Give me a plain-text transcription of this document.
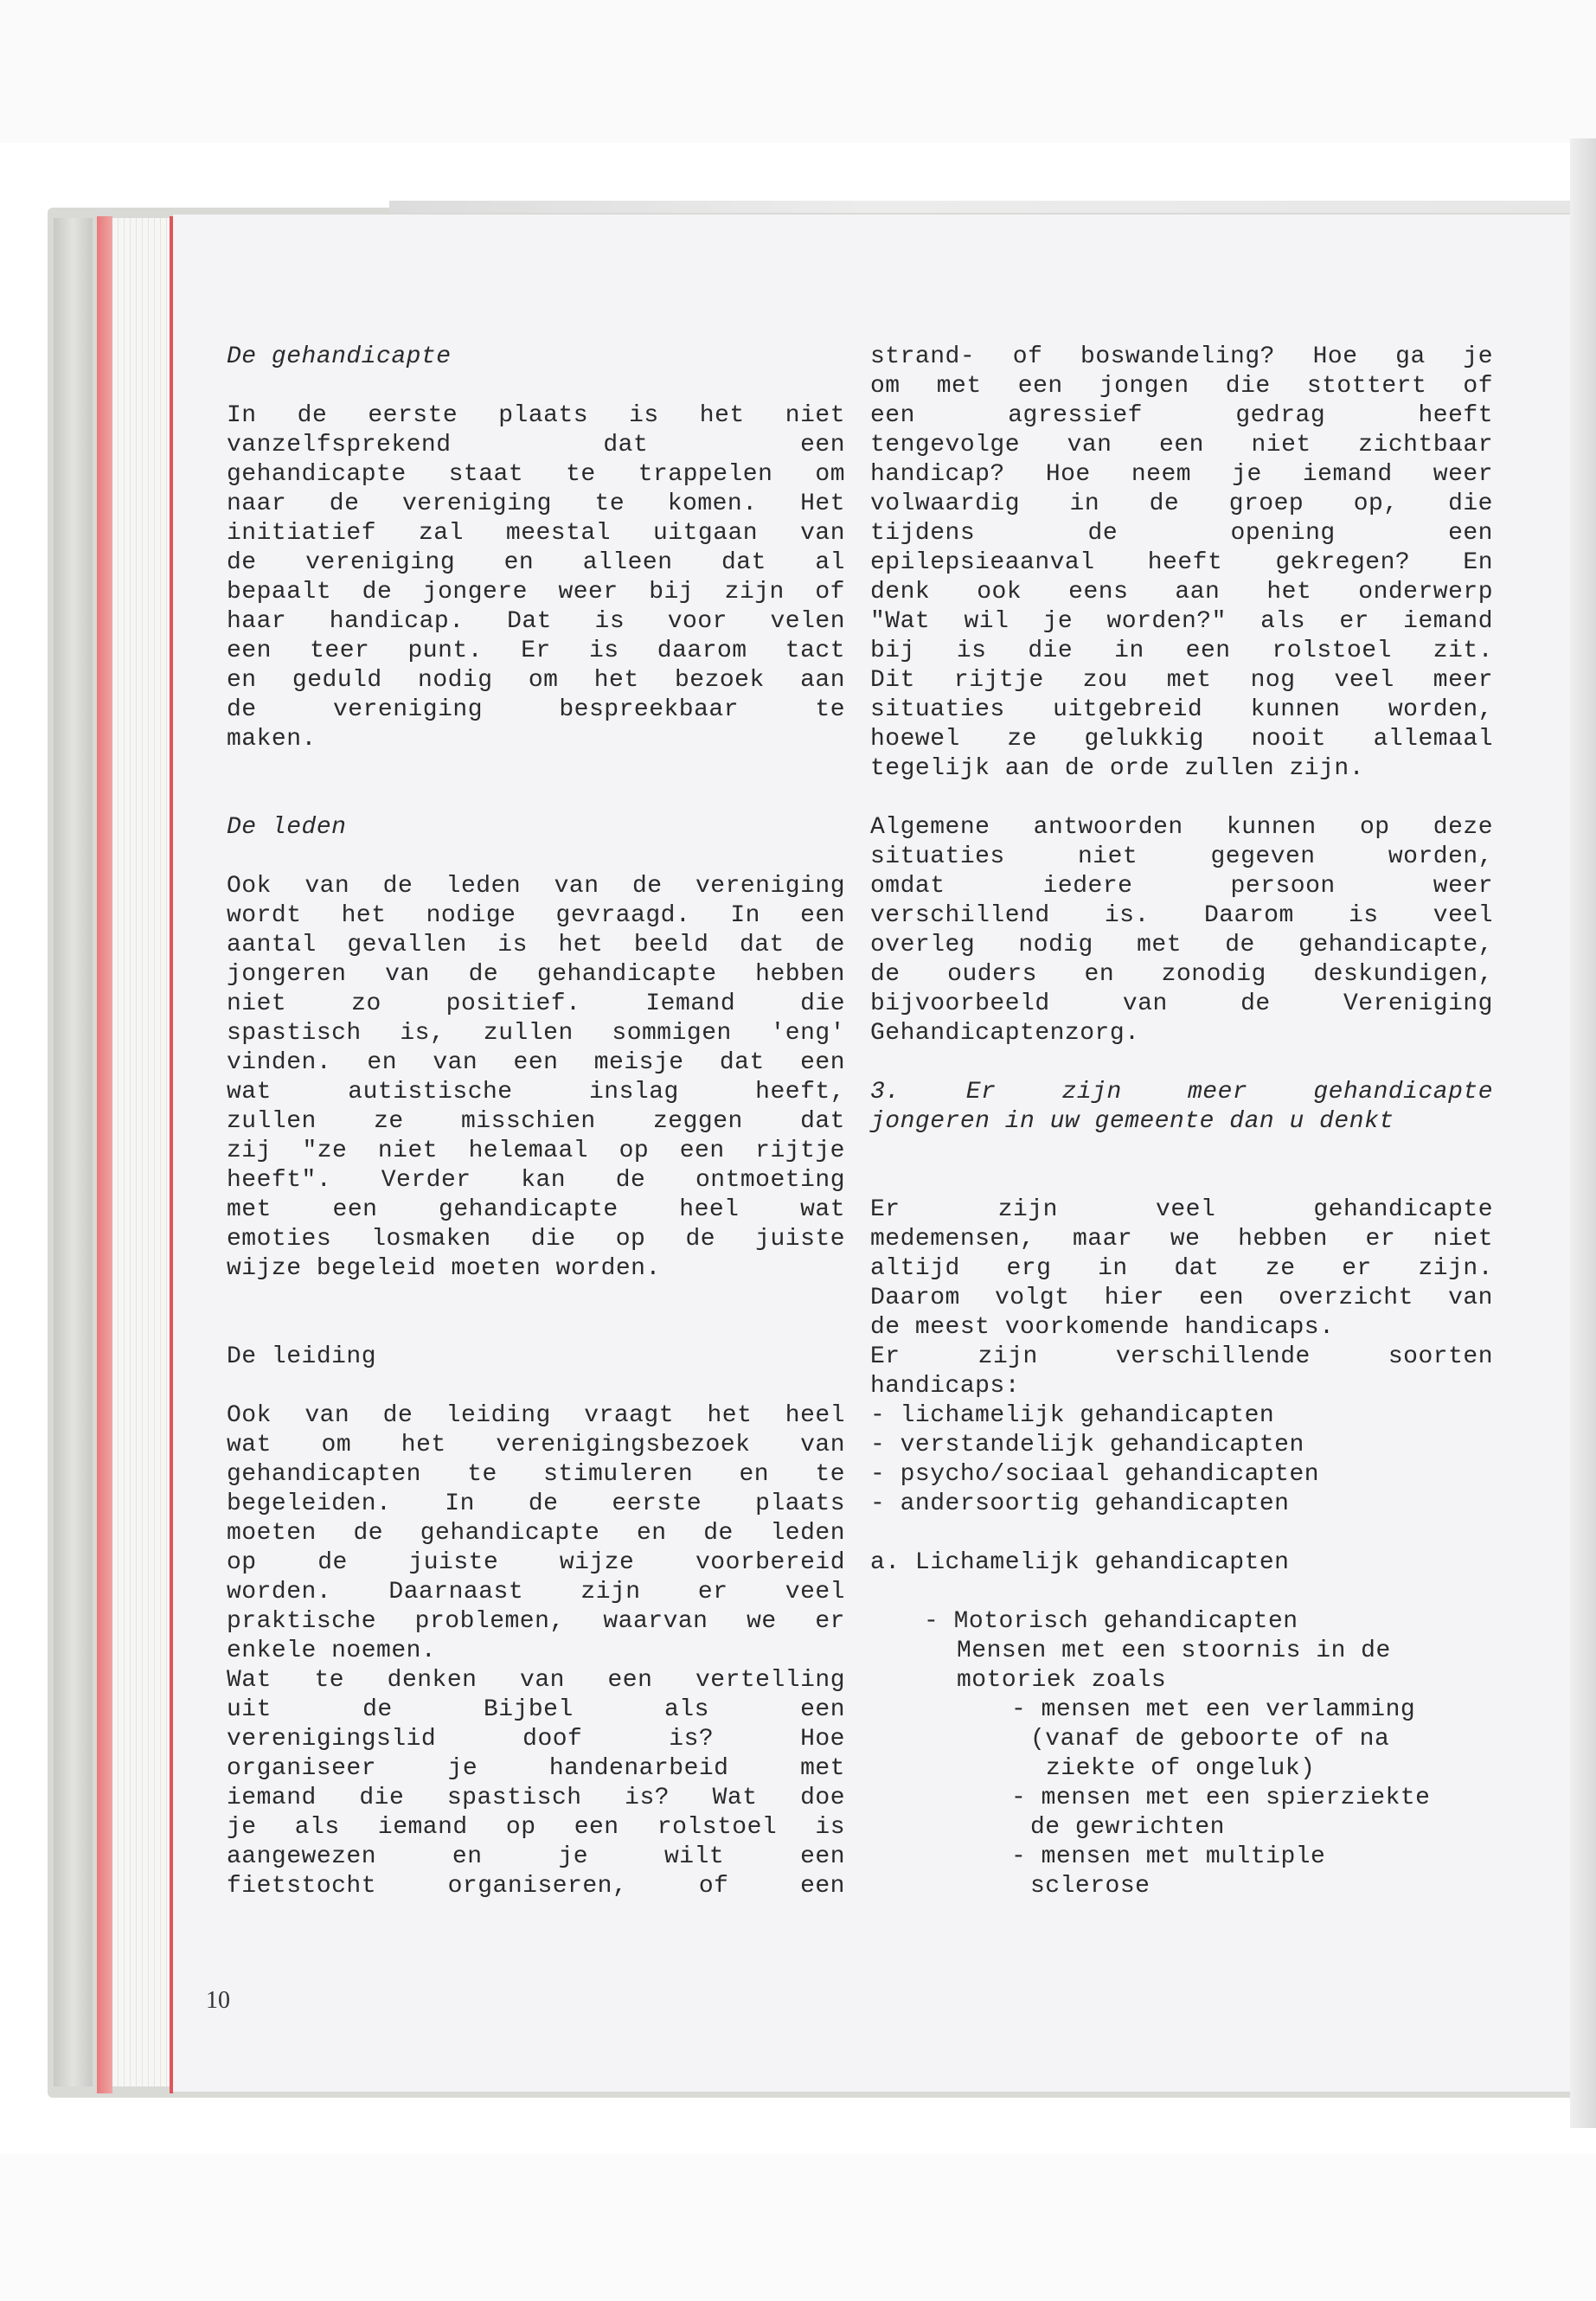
De gehandicapte
In de eerste plaats is het niet
vanzelfsprekend dat een
gehandicapte staat te trappelen om
naar de vereniging te komen. Het
initiatief zal meestal uitgaan van
de vereniging en alleen dat al
bepaalt de jongere weer bij zijn of
haar handicap. Dat is voor velen
een teer punt. Er is daarom tact
en geduld nodig om het bezoek aan
de vereniging bespreekbaar te
maken.
De leden
Ook van de leden van de vereniging
wordt het nodige gevraagd. In een
aantal gevallen is het beeld dat de
jongeren van de gehandicapte hebben
niet zo positief. Iemand die
spastisch is, zullen sommigen 'eng'
vinden. en van een meisje dat een
wat autistische inslag heeft,
zullen ze misschien zeggen dat
zij "ze niet helemaal op een rijtje
heeft". Verder kan de ontmoeting
met een gehandicapte heel wat
emoties losmaken die op de juiste
wijze begeleid moeten worden.
De leiding
Ook van de leiding vraagt het heel
wat om het verenigingsbezoek van
gehandicapten te stimuleren en te
begeleiden. In de eerste plaats
moeten de gehandicapte en de leden
op de juiste wijze voorbereid
worden. Daarnaast zijn er veel
praktische problemen, waarvan we er
enkele noemen.
Wat te denken van een vertelling
uit de Bijbel als een
verenigingslid doof is? Hoe
organiseer je handenarbeid met
iemand die spastisch is? Wat doe
je als iemand op een rolstoel is
aangewezen en je wilt een
fietstocht organiseren, of een
strand- of boswandeling? Hoe ga je
om met een jongen die stottert of
een agressief gedrag heeft
tengevolge van een niet zichtbaar
handicap? Hoe neem je iemand weer
volwaardig in de groep op, die
tijdens de opening een
epilepsieaanval heeft gekregen? En
denk ook eens aan het onderwerp
"Wat wil je worden?" als er iemand
bij is die in een rolstoel zit.
Dit rijtje zou met nog veel meer
situaties uitgebreid kunnen worden,
hoewel ze gelukkig nooit allemaal
tegelijk aan de orde zullen zijn.
Algemene antwoorden kunnen op deze
situaties niet gegeven worden,
omdat iedere persoon weer
verschillend is. Daarom is veel
overleg nodig met de gehandicapte,
de ouders en zonodig deskundigen,
bijvoorbeeld van de Vereniging
Gehandicaptenzorg.
3. Er zijn meer gehandicapte
jongeren in uw gemeente dan u denkt
Er zijn veel gehandicapte
medemensen, maar we hebben er niet
altijd erg in dat ze er zijn.
Daarom volgt hier een overzicht van
de meest voorkomende handicaps.
Er zijn verschillende soorten
handicaps:
- lichamelijk gehandicapten
- verstandelijk gehandicapten
- psycho/sociaal gehandicapten
- andersoortig gehandicapten
a. Lichamelijk gehandicapten
- Motorisch gehandicapten
Mensen met een stoornis in de
motoriek zoals
- mensen met een verlamming
(vanaf de geboorte of na
ziekte of ongeluk)
- mensen met een spierziekte
de gewrichten
- mensen met multiple
sclerose
10
